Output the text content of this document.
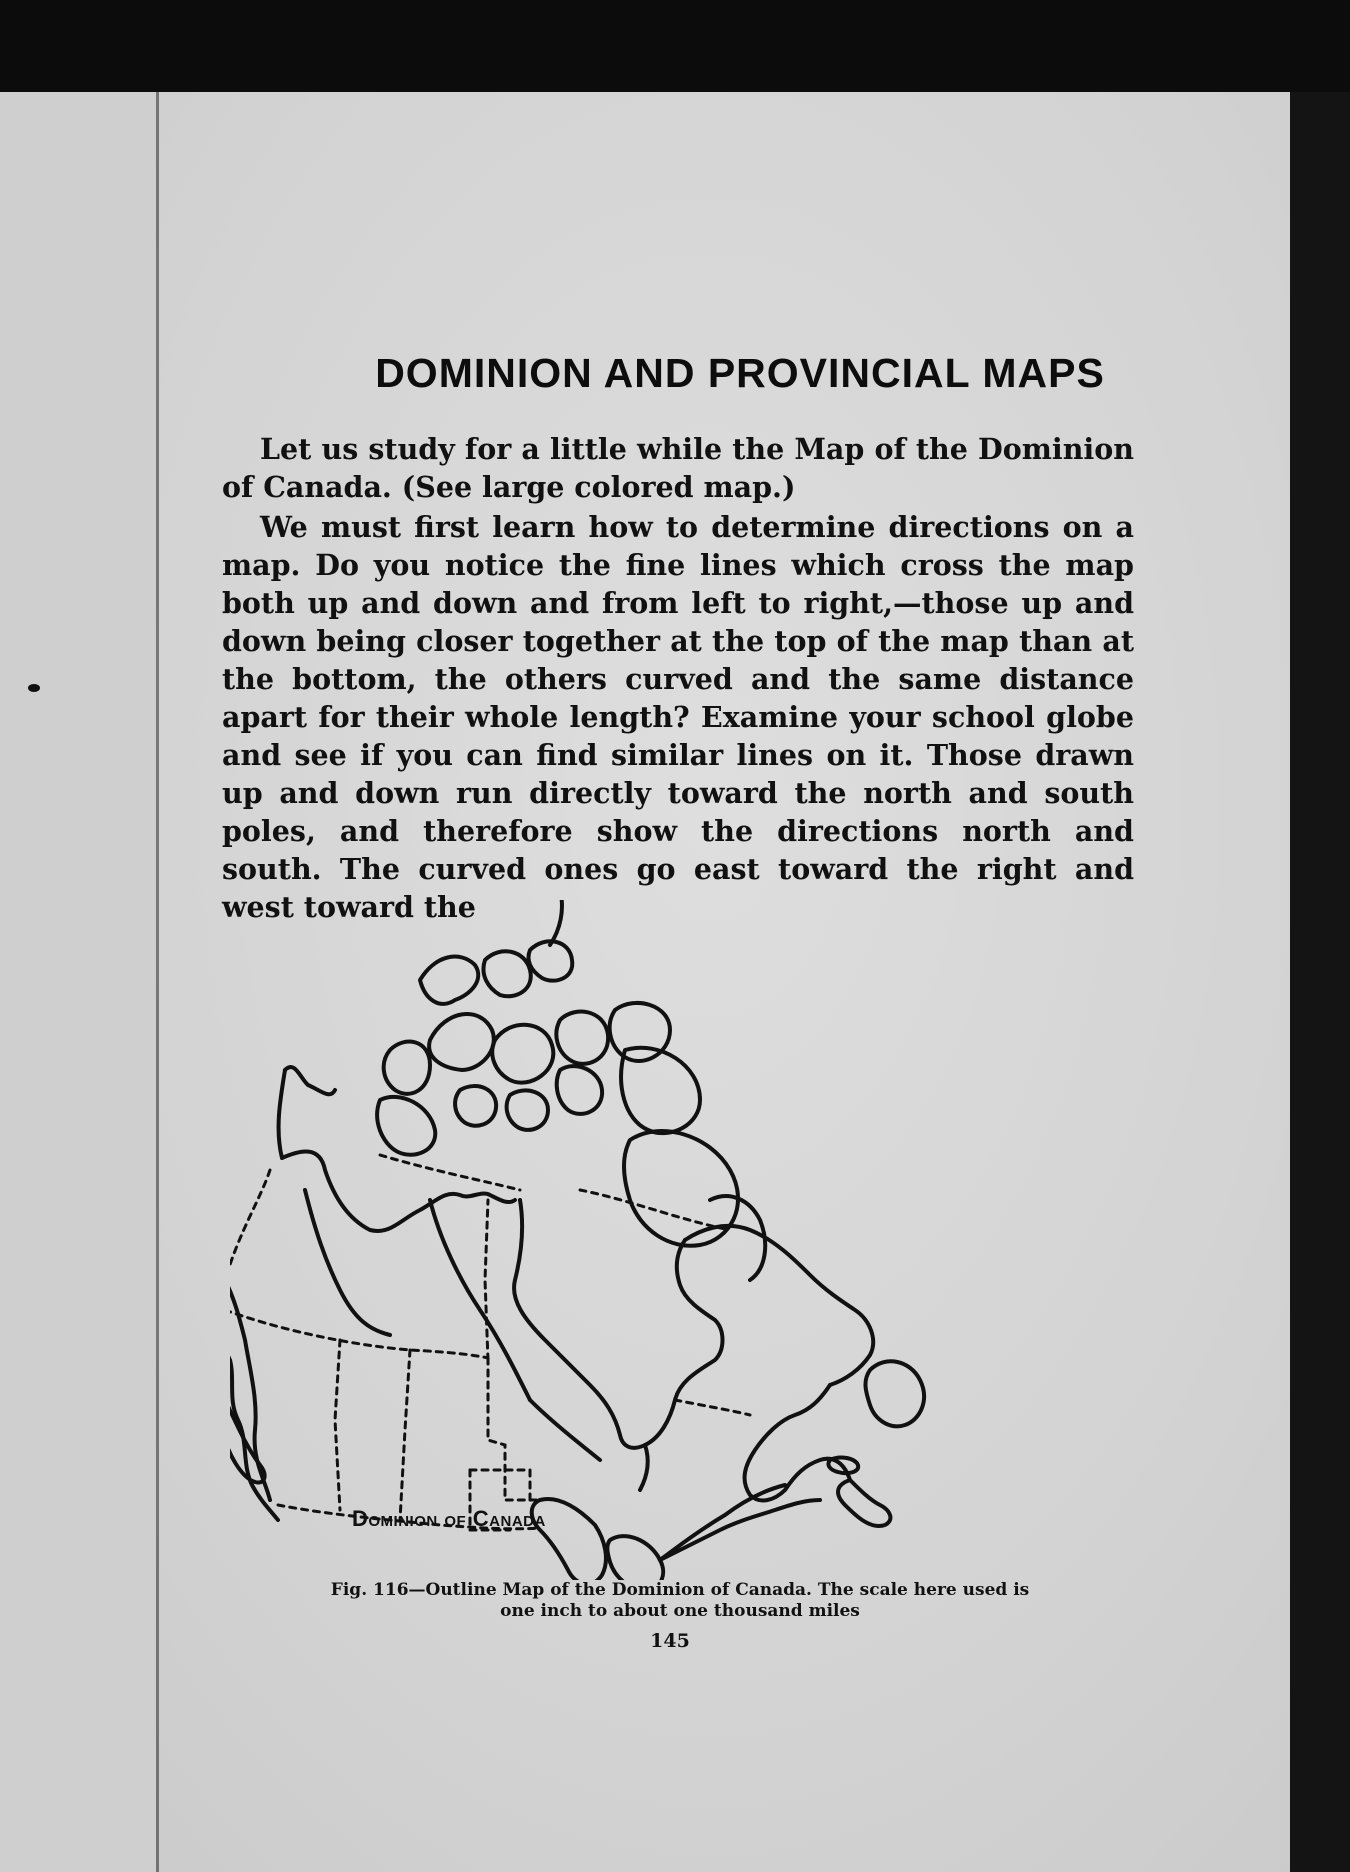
DOMINION AND PROVINCIAL MAPS

Let us study for a little while the Map of the Dominion of Canada. (See large colored map.)

We must first learn how to determine directions on a map. Do you notice the fine lines which cross the map both up and down and from left to right,—those up and down being closer together at the top of the map than at the bottom, the others curved and the same distance apart for their whole length? Examine your school globe and see if you can find similar lines on it. Those drawn up and down run directly toward the north and south poles, and therefore show the directions north and south. The curved ones go east toward the right and west toward the

Dominion of Canada
Fig. 116—Outline Map of the Dominion of Canada. The scale here used is
one inch to about one thousand miles
145
